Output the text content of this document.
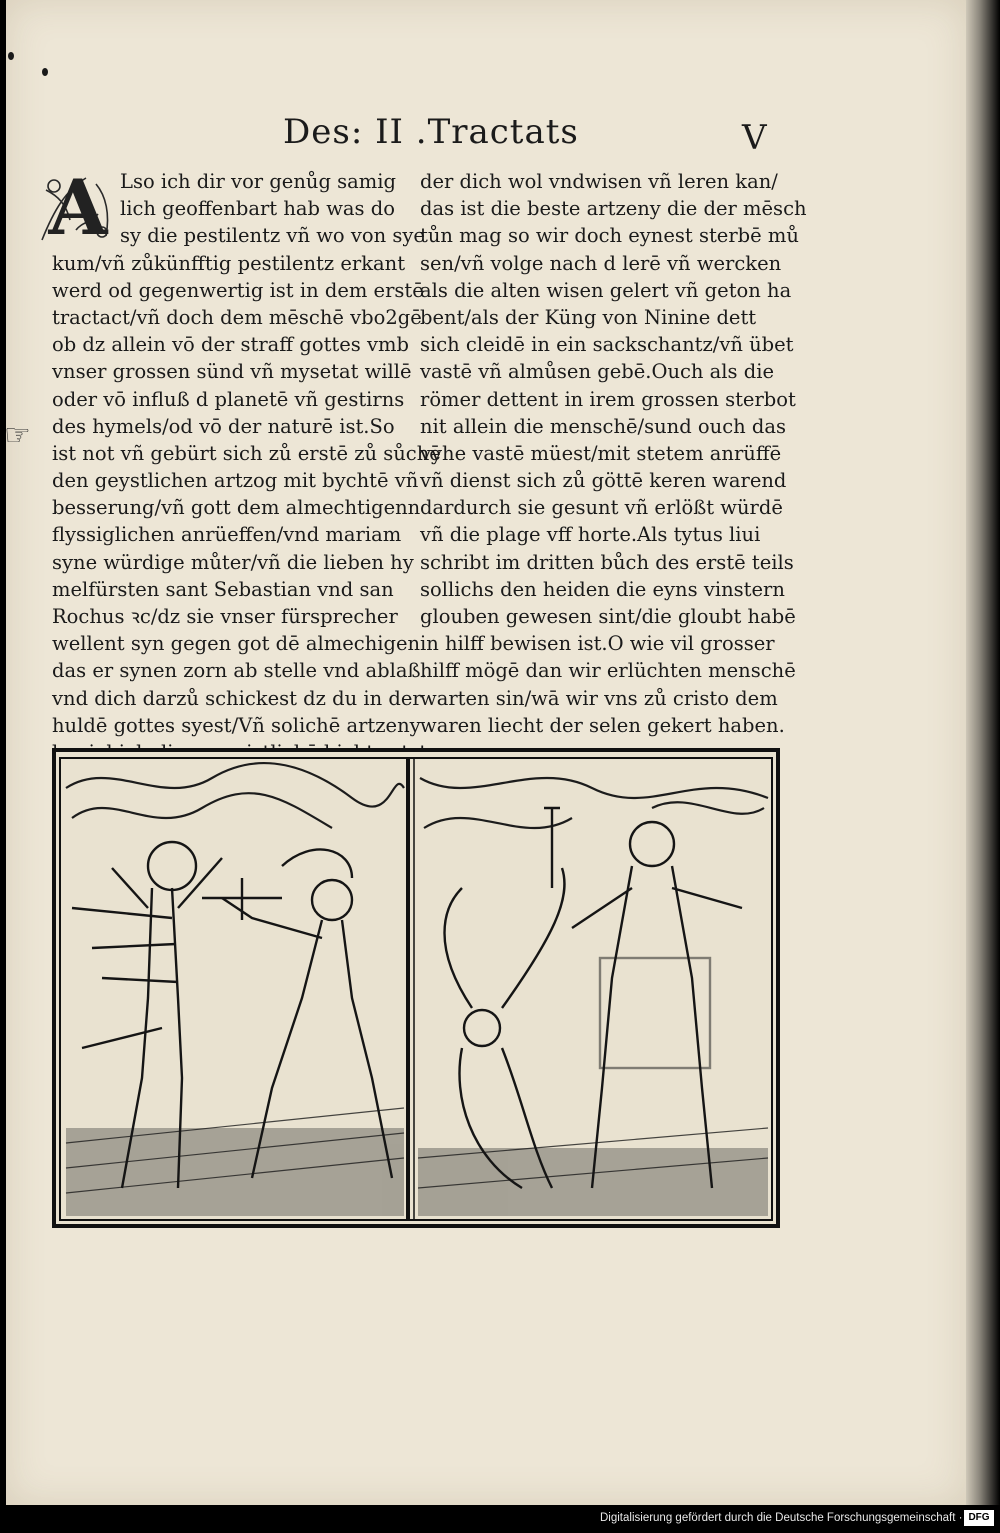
Des: II .Tractats	V
A
☞
Lso ich dir vor genůg samig
lich geoffenbart hab was do
sy die pestilentz vñ wo von sye
kum/vñ zůkünfftig pestilentz erkant
werd od gegenwertig ist in dem erstē
tractact/vñ doch dem mēschē vbo2gē
ob dz allein vō der straff gottes vmb
vnser grossen sünd vñ mysetat willē
oder vō influß d planetē vñ gestirns
des hymels/od vō der naturē ist.So
ist not vñ gebürt sich zů erstē zů sůchē
den geystlichen artzog mit bychtē vñ
besserung/vñ gott dem almechtigenn
flyssiglichen anrüeffen/vnd mariam
syne würdige můter/vñ die lieben hy
melfürsten sant Sebastian vnd san
Rochus ꝛc/dz sie vnser fürsprecher
wellent syn gegen got dē almechigen
das er synen zorn ab stelle vnd ablaß.
vnd dich darzů schickest dz du in der
huldē gottes syest/Vñ solichē artzeny
der dich wol vndwisen vñ leren kan/
das ist die beste artzeny die der mēsch
tůn mag so wir doch eynest sterbē mů
sen/vñ volge nach d lerē vñ wercken
als die alten wisen gelert vñ geton ha
bent/als der Küng von Ninine dett
sich cleidē in ein sackschantz/vñ übet
vastē vñ almůsen gebē.Ouch als die
römer dettent in irem grossen sterbot
nit allein die menschē/sund ouch das
vyhe vastē müest/mit stetem anrüffē
vñ dienst sich zů göttē keren warend
dardurch sie gesunt vñ erlößt würdē
vñ die plage vff horte.Als tytus liui
schribt im dritten bůch des erstē teils
sollichs den heiden die eyns vinstern
glouben gewesen sint/die gloubt habē
in hilff bewisen ist.O wie vil grosser
hilff mögē dan wir erlüchten menschē
warten sin/wā wir vns zů cristo dem
waren liecht der selen gekert haben.
Digitalisierung gefördert durch die Deutsche Forschungsgemeinschaft · DFG
